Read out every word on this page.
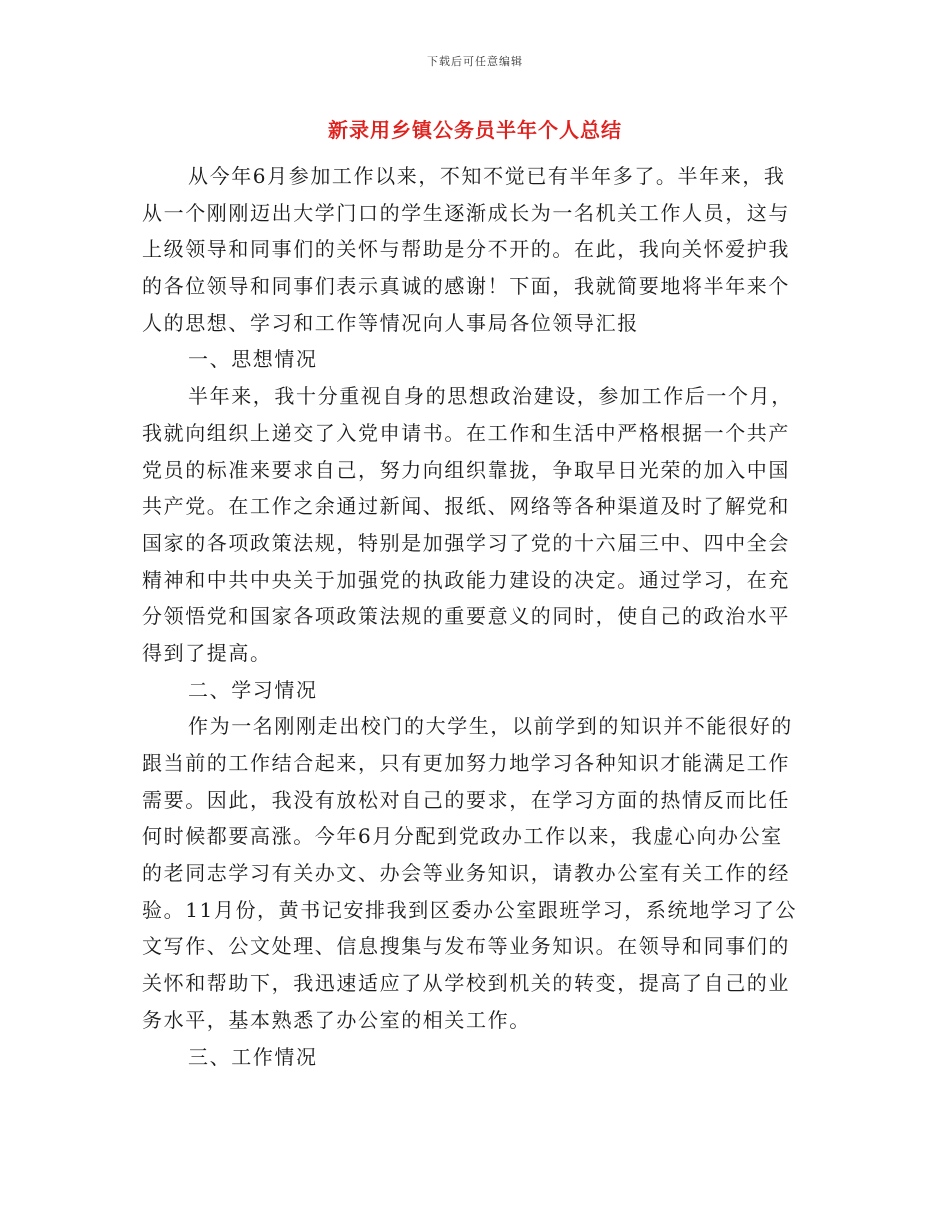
下载后可任意编辑
新录用乡镇公务员半年个人总结
从今年6月参加工作以来，不知不觉已有半年多了。半年来，我
从一个刚刚迈出大学门口的学生逐渐成长为一名机关工作人员，这与
上级领导和同事们的关怀与帮助是分不开的。在此，我向关怀爱护我
的各位领导和同事们表示真诚的感谢！下面，我就简要地将半年来个
人的思想、学习和工作等情况向人事局各位领导汇报
一、思想情况
半年来，我十分重视自身的思想政治建设，参加工作后一个月，
我就向组织上递交了入党申请书。在工作和生活中严格根据一个共产
党员的标准来要求自己，努力向组织靠拢，争取早日光荣的加入中国
共产党。在工作之余通过新闻、报纸、网络等各种渠道及时了解党和
国家的各项政策法规，特别是加强学习了党的十六届三中、四中全会
精神和中共中央关于加强党的执政能力建设的决定。通过学习，在充
分领悟党和国家各项政策法规的重要意义的同时，使自己的政治水平
得到了提高。
二、学习情况
作为一名刚刚走出校门的大学生，以前学到的知识并不能很好的
跟当前的工作结合起来，只有更加努力地学习各种知识才能满足工作
需要。因此，我没有放松对自己的要求，在学习方面的热情反而比任
何时候都要高涨。今年6月分配到党政办工作以来，我虚心向办公室
的老同志学习有关办文、办会等业务知识，请教办公室有关工作的经
验。11月份，黄书记安排我到区委办公室跟班学习，系统地学习了公
文写作、公文处理、信息搜集与发布等业务知识。在领导和同事们的
关怀和帮助下，我迅速适应了从学校到机关的转变，提高了自己的业
务水平，基本熟悉了办公室的相关工作。
三、工作情况
